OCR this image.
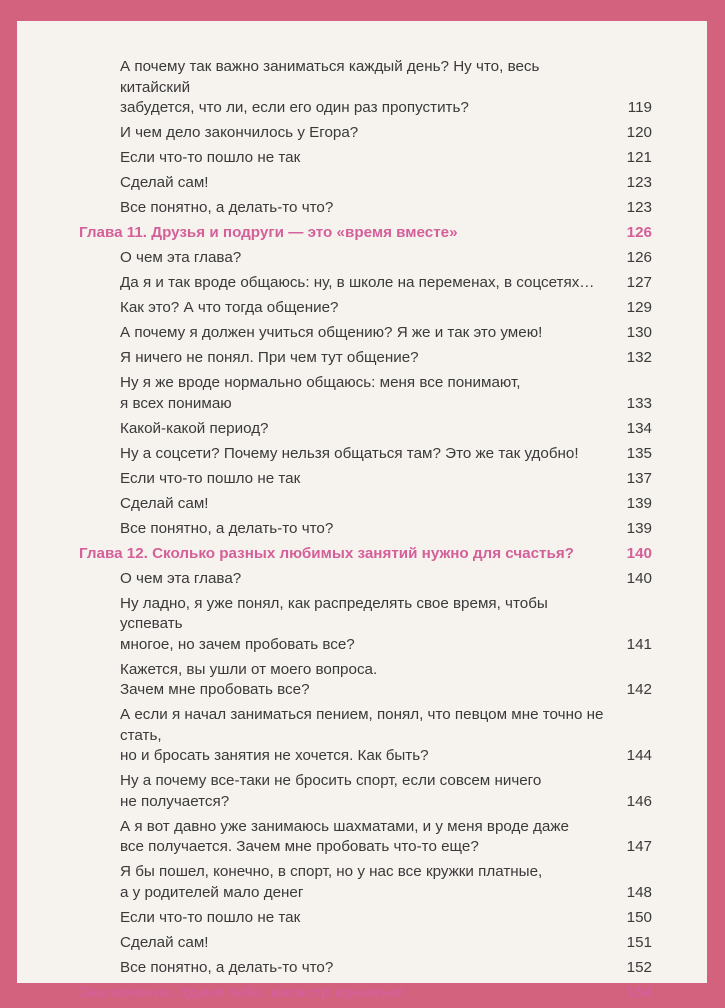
А почему так важно заниматься каждый день? Ну что, весь китайский
забудется, что ли, если его один раз пропустить?	119
И чем дело закончилось у Егора?	120
Если что-то пошло не так	121
Сделай сам!	123
Все понятно, а делать-то что?	123
Глава 11. Друзья и подруги — это «время вместе»	126
О чем эта глава?	126
Да я и так вроде общаюсь: ну, в школе на переменах, в соцсетях…	127
Как это? А что тогда общение?	129
А почему я должен учиться общению? Я же и так это умею!	130
Я ничего не понял. При чем тут общение?	132
Ну я же вроде нормально общаюсь: меня все понимают,
я всех понимаю	133
Какой-какой период?	134
Ну а соцсети? Почему нельзя общаться там? Это же так удобно!	135
Если что-то пошло не так	137
Сделай сам!	139
Все понятно, а делать-то что?	139
Глава 12. Сколько разных любимых занятий нужно для счастья?	140
О чем эта глава?	140
Ну ладно, я уже понял, как распределять свое время, чтобы успевать
многое, но зачем пробовать все?	141
Кажется, вы ушли от моего вопроса.
Зачем мне пробовать все?	142
А если я начал заниматься пением, понял, что певцом мне точно не стать,
но и бросать занятия не хочется. Как быть?	144
Ну а почему все-таки не бросить спорт, если совсем ничего
не получается?	146
А я вот давно уже занимаюсь шахматами, и у меня вроде даже
все получается. Зачем мне пробовать что-то еще?	147
Я бы пошел, конечно, в спорт, но у нас все кружки платные,
а у родителей мало денег	148
Если что-то пошло не так	150
Сделай сам!	151
Все понятно, а делать-то что?	152
Заключение. Удачи тебе, магистр времени!	154
